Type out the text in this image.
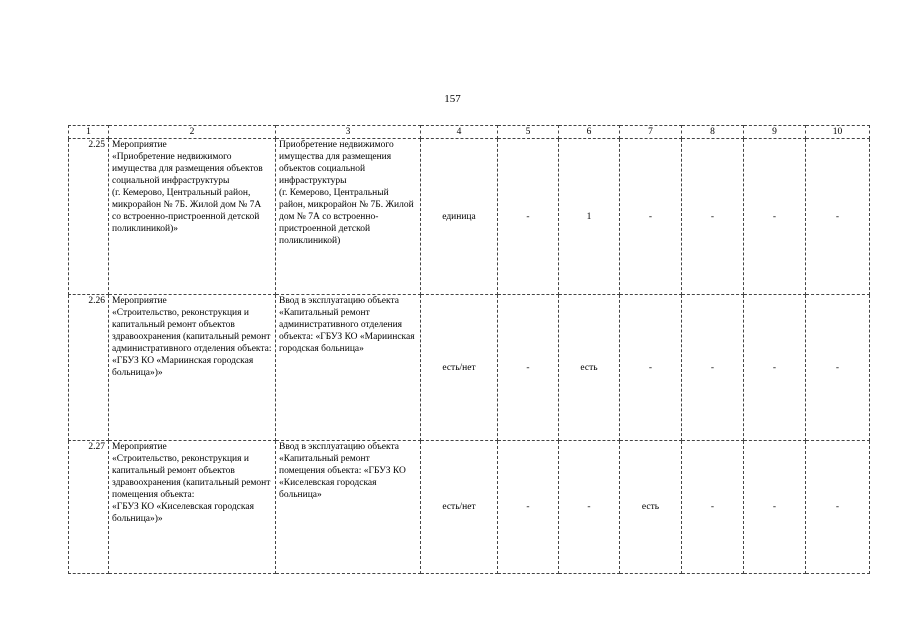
157
1	2	3	4	5	6	7	8	9	10
2.25	Мероприятие
«Приобретение недвижимого имущества для размещения объектов социальной инфраструктуры
(г. Кемерово, Центральный район, микрорайон № 7Б. Жилой дом № 7А
со встроенно-пристроенной детской поликлиникой)»	Приобретение недвижимого имущества для размещения объектов социальной инфраструктуры
(г. Кемерово, Центральный район, микрорайон № 7Б. Жилой дом № 7А со встроенно-пристроенной детской поликлиникой)	единица	-	1	-	-	-	-
2.26	Мероприятие
«Строительство, реконструкция и капитальный ремонт объектов здравоохранения (капитальный ремонт административного отделения объекта:
«ГБУЗ КО «Мариинская городская больница»)»	Ввод в эксплуатацию объекта «Капитальный ремонт
административного отделения объекта: «ГБУЗ КО «Мариинская городская больница»	есть/нет	-	есть	-	-	-	-
2.27	Мероприятие
«Строительство, реконструкция и капитальный ремонт объектов здравоохранения (капитальный ремонт помещения объекта:
«ГБУЗ КО «Киселевская городская больница»)»	Ввод в эксплуатацию объекта «Капитальный ремонт помещения объекта: «ГБУЗ КО «Киселевская городская больница»	есть/нет	-	-	есть	-	-	-
